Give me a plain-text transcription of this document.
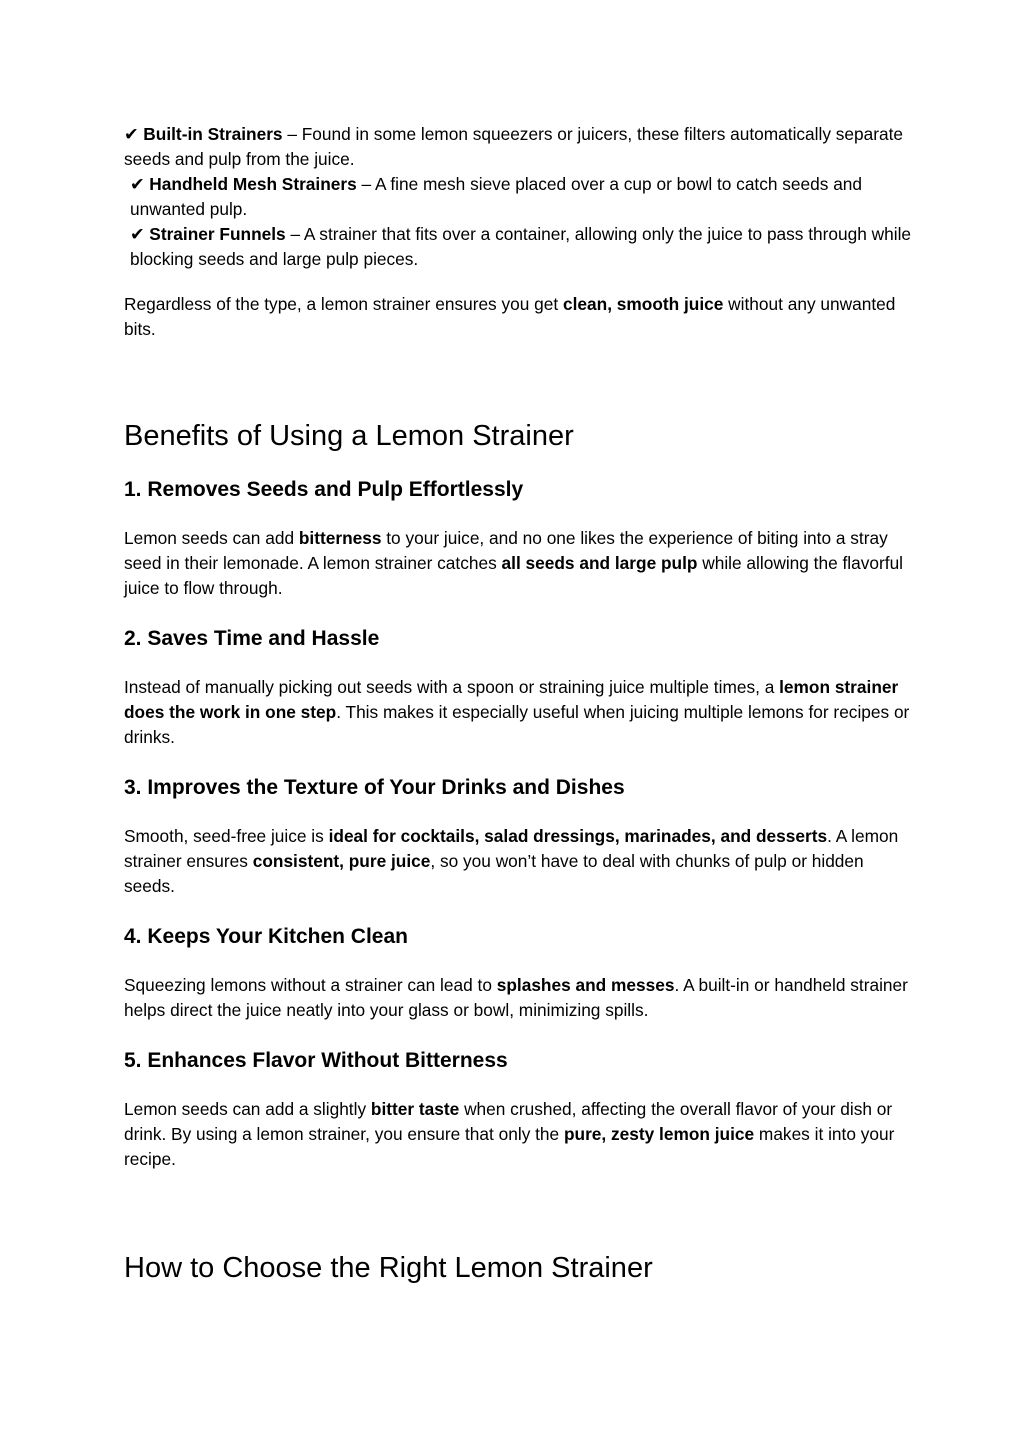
✔ Built-in Strainers – Found in some lemon squeezers or juicers, these filters automatically separate seeds and pulp from the juice.

✔ Handheld Mesh Strainers – A fine mesh sieve placed over a cup or bowl to catch seeds and unwanted pulp.

✔ Strainer Funnels – A strainer that fits over a container, allowing only the juice to pass through while blocking seeds and large pulp pieces.

Regardless of the type, a lemon strainer ensures you get clean, smooth juice without any unwanted bits.

Benefits of Using a Lemon Strainer
1. Removes Seeds and Pulp Effortlessly

Lemon seeds can add bitterness to your juice, and no one likes the experience of biting into a stray seed in their lemonade. A lemon strainer catches all seeds and large pulp while allowing the flavorful juice to flow through.

2. Saves Time and Hassle

Instead of manually picking out seeds with a spoon or straining juice multiple times, a lemon strainer does the work in one step. This makes it especially useful when juicing multiple lemons for recipes or drinks.

3. Improves the Texture of Your Drinks and Dishes

Smooth, seed-free juice is ideal for cocktails, salad dressings, marinades, and desserts. A lemon strainer ensures consistent, pure juice, so you won’t have to deal with chunks of pulp or hidden seeds.

4. Keeps Your Kitchen Clean

Squeezing lemons without a strainer can lead to splashes and messes. A built-in or handheld strainer helps direct the juice neatly into your glass or bowl, minimizing spills.

5. Enhances Flavor Without Bitterness

Lemon seeds can add a slightly bitter taste when crushed, affecting the overall flavor of your dish or drink. By using a lemon strainer, you ensure that only the pure, zesty lemon juice makes it into your recipe.

How to Choose the Right Lemon Strainer
